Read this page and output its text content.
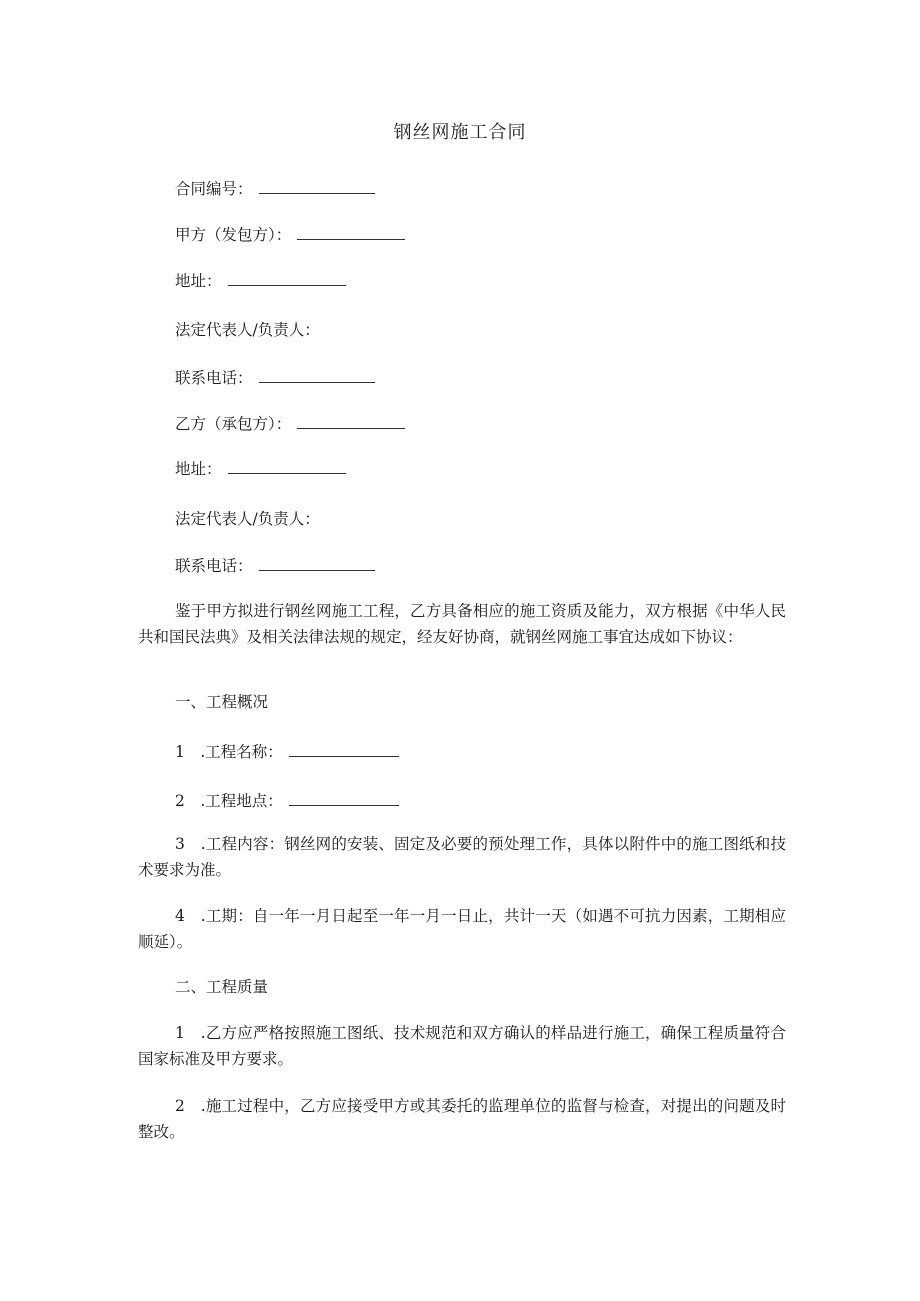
钢丝网施工合同
合同编号：
甲方（发包方）：
地址：
法定代表人/负责人：
联系电话：
乙方（承包方）：
地址：
法定代表人/负责人：
联系电话：
鉴于甲方拟进行钢丝网施工工程，乙方具备相应的施工资质及能力，双方根据《中华人民共和国民法典》及相关法律法规的规定，经友好协商，就钢丝网施工事宜达成如下协议：
一、工程概况
1　.工程名称：
2　.工程地点：
3　.工程内容：钢丝网的安装、固定及必要的预处理工作，具体以附件中的施工图纸和技术要求为准。
4　.工期：自一年一月日起至一年一月一日止，共计一天（如遇不可抗力因素，工期相应顺延）。
二、工程质量
1　.乙方应严格按照施工图纸、技术规范和双方确认的样品进行施工，确保工程质量符合国家标准及甲方要求。
2　.施工过程中，乙方应接受甲方或其委托的监理单位的监督与检查，对提出的问题及时整改。
